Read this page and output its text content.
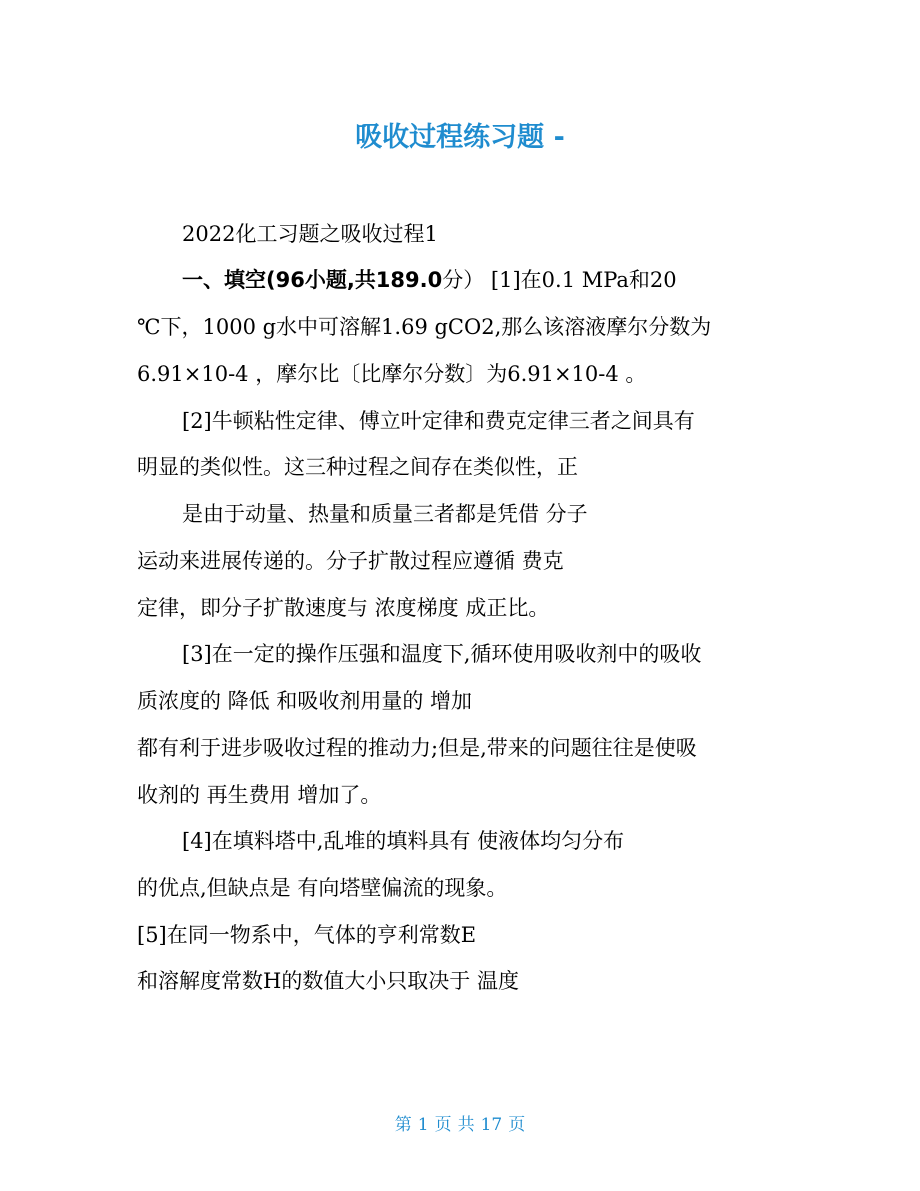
吸收过程练习题 -
2022化工习题之吸收过程1
一、填空(96小题,共189.0分） [1]在0.1 MPa和20
℃下，1000 g水中可溶解1.69 gCO2,那么该溶液摩尔分数为
6.91×10-4 ，摩尔比〔比摩尔分数〕为6.91×10-4 。
[2]牛顿粘性定律、傅立叶定律和费克定律三者之间具有
明显的类似性。这三种过程之间存在类似性，正
是由于动量、热量和质量三者都是凭借 分子
运动来进展传递的。分子扩散过程应遵循 费克
定律，即分子扩散速度与 浓度梯度 成正比。
[3]在一定的操作压强和温度下,循环使用吸收剂中的吸收
质浓度的 降低 和吸收剂用量的 增加
都有利于进步吸收过程的推动力;但是,带来的问题往往是使吸
收剂的 再生费用 增加了。
[4]在填料塔中,乱堆的填料具有 使液体均匀分布
的优点,但缺点是 有向塔壁偏流的现象。
[5]在同一物系中，气体的亨利常数E
和溶解度常数H的数值大小只取决于 温度
第 1 页 共 17 页
